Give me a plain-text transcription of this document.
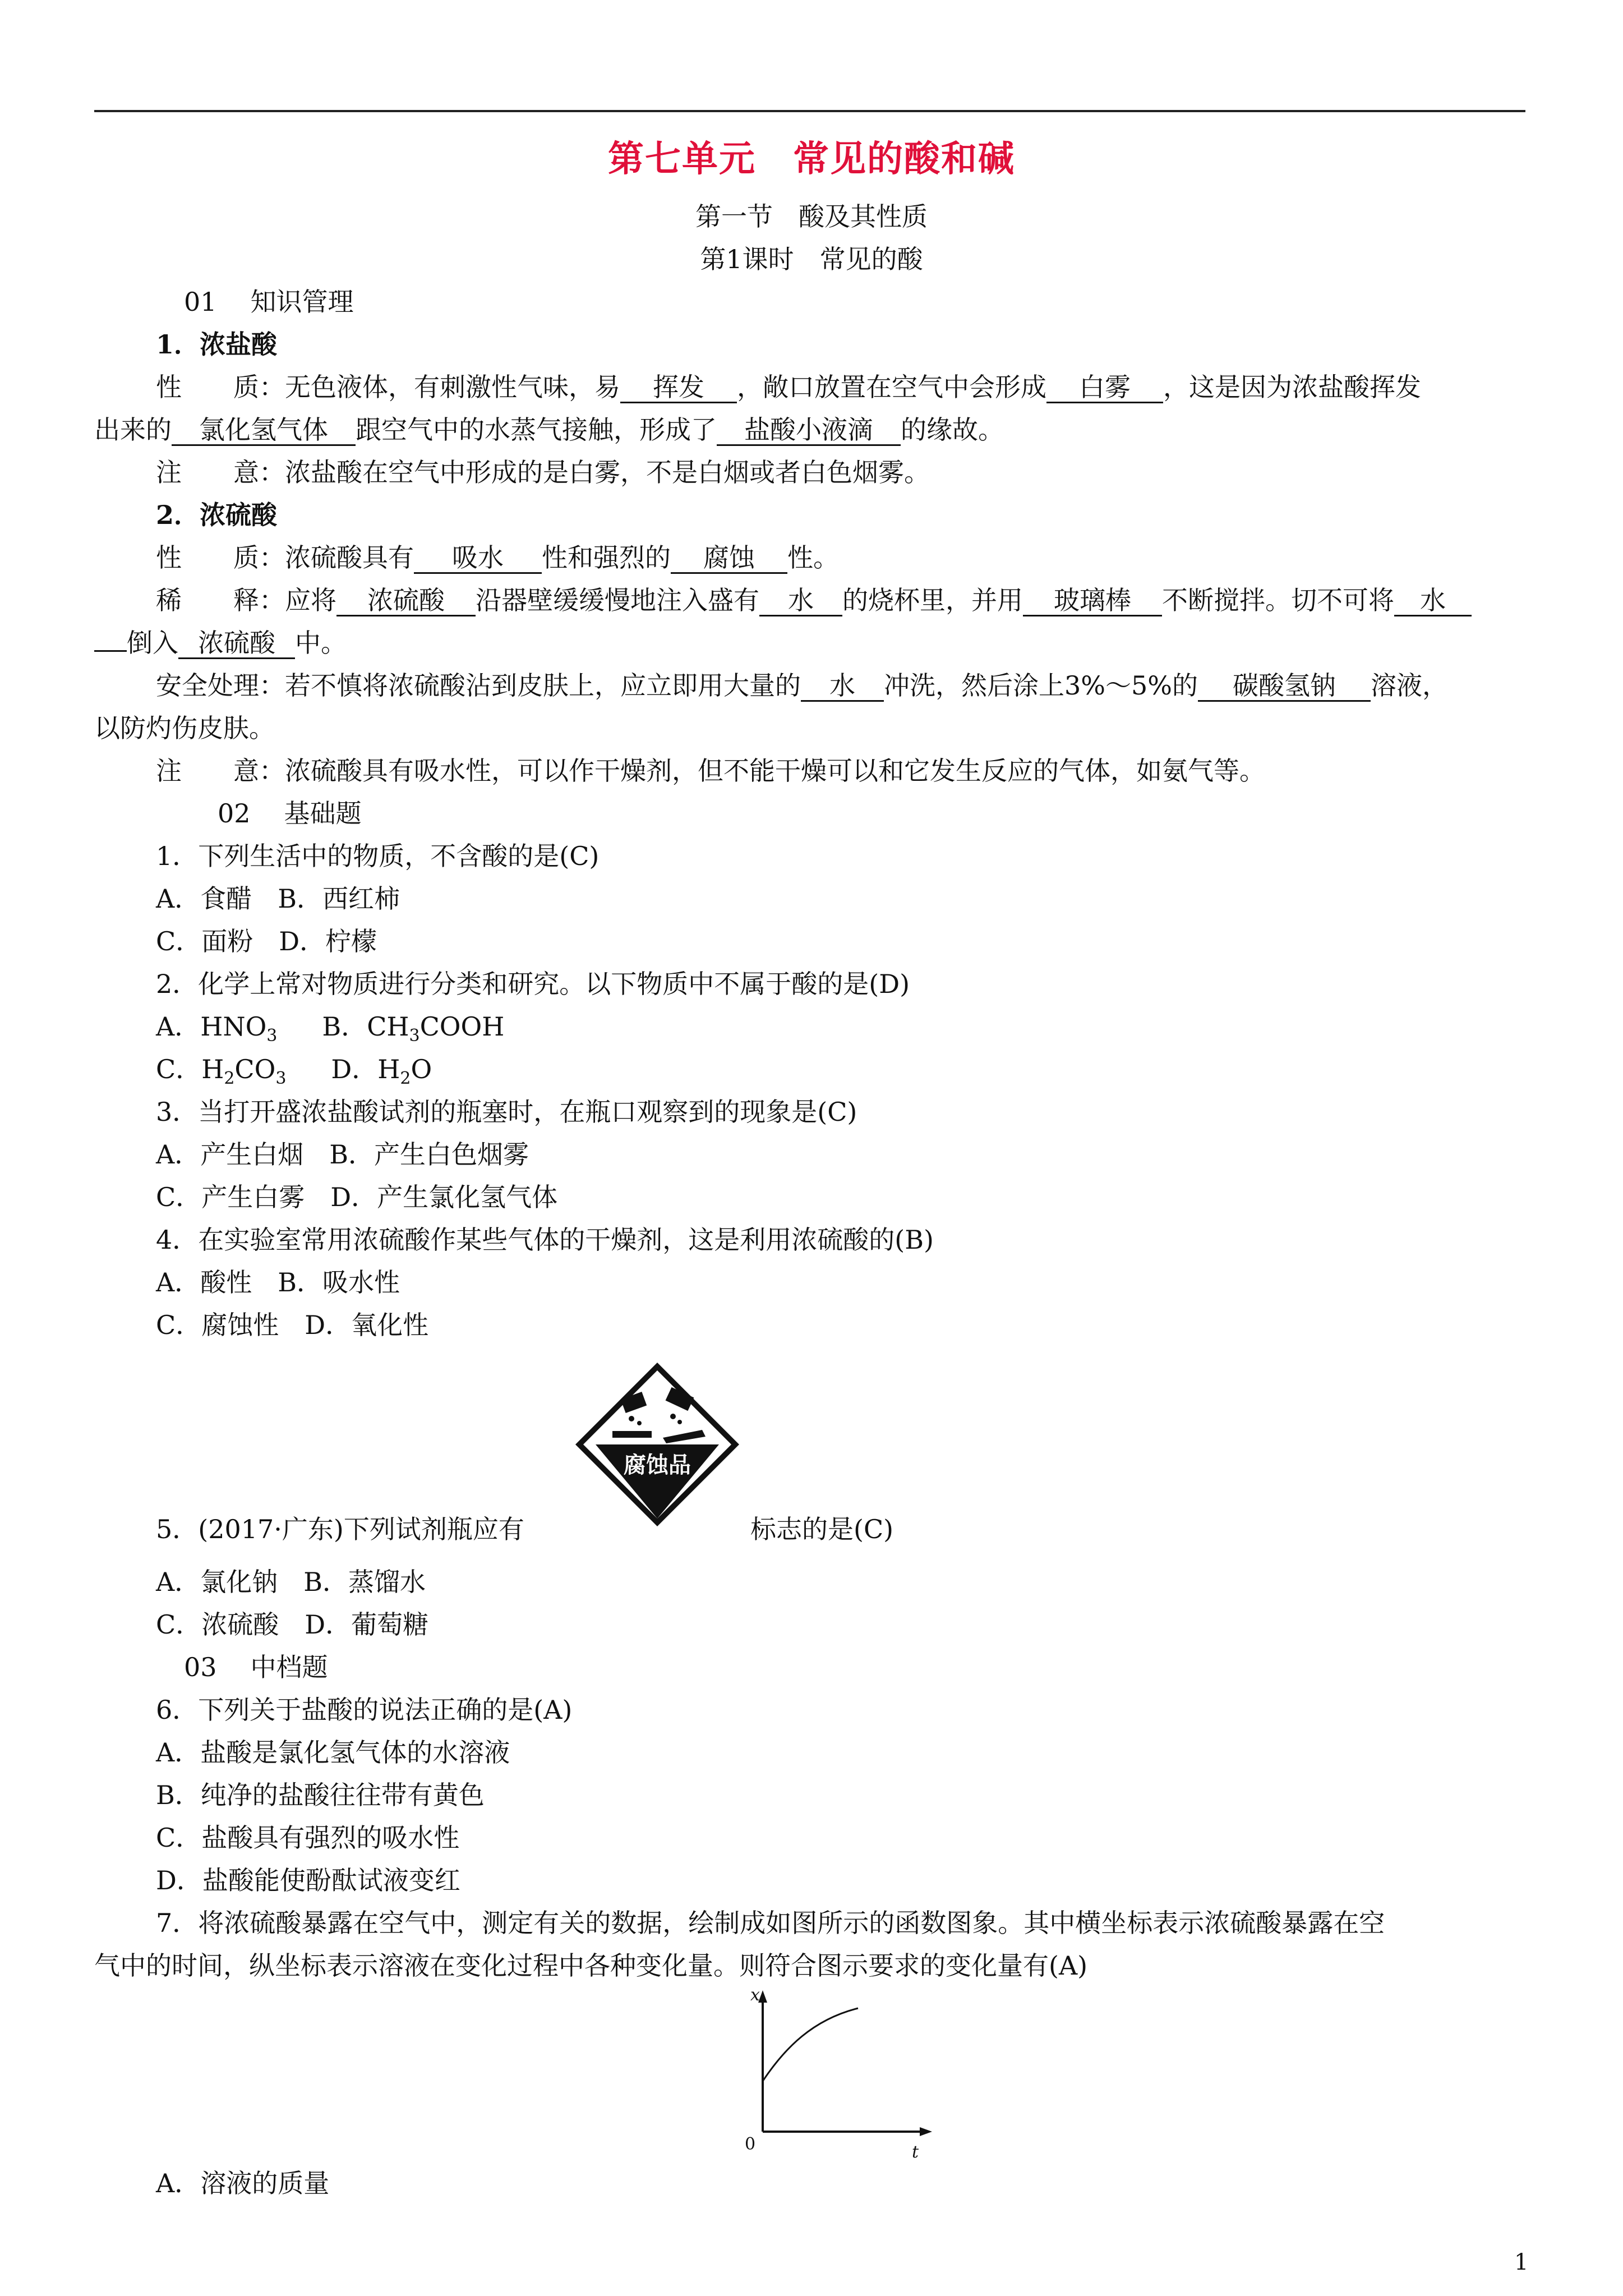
第七单元　常见的酸和碱
第一节　酸及其性质
第1课时　常见的酸
01 知识管理
1．浓盐酸
性　　质：无色液体，有刺激性气味，易 挥发 ，敞口放置在空气中会形成 白雾 ，这是因为浓盐酸挥发
出来的 氯化氢气体 跟空气中的水蒸气接触，形成了 盐酸小液滴 的缘故。
注　　意：浓盐酸在空气中形成的是白雾，不是白烟或者白色烟雾。
2．浓硫酸
性　　质：浓硫酸具有 吸水 性和强烈的 腐蚀 性。
稀　　释：应将 浓硫酸 沿器壁缓缓慢地注入盛有 水 的烧杯里，并用 玻璃棒 不断搅拌。切不可将 水
倒入 浓硫酸 中。
安全处理：若不慎将浓硫酸沾到皮肤上，应立即用大量的 水 冲洗，然后涂上3%～5%的 碳酸氢钠 溶液，
以防灼伤皮肤。
注　　意：浓硫酸具有吸水性，可以作干燥剂，但不能干燥可以和它发生反应的气体，如氨气等。
02 基础题
1．下列生活中的物质，不含酸的是(C)
A．食醋　B．西红柿
C．面粉　D．柠檬
2．化学上常对物质进行分类和研究。以下物质中不属于酸的是(D)
A．$HNO_3$ B．$CH_3COOH$
C．$H_2CO_3$ D．$H_2O$
3．当打开盛浓盐酸试剂的瓶塞时，在瓶口观察到的现象是(C)
A．产生白烟　B．产生白色烟雾
C．产生白雾　D．产生氯化氢气体
4．在实验室常用浓硫酸作某些气体的干燥剂，这是利用浓硫酸的(B)
A．酸性　B．吸水性
C．腐蚀性　D．氧化性
腐蚀品
5．(2017·广东)下列试剂瓶应有	标志的是(C)
A．氯化钠　B．蒸馏水
C．浓硫酸　D．葡萄糖
03 中档题
6．下列关于盐酸的说法正确的是(A)
A．盐酸是氯化氢气体的水溶液
B．纯净的盐酸往往带有黄色
C．盐酸具有强烈的吸水性
D．盐酸能使酚酞试液变红
7．将浓硫酸暴露在空气中，测定有关的数据，绘制成如图所示的函数图象。其中横坐标表示浓硫酸暴露在空
气中的时间，纵坐标表示溶液在变化过程中各种变化量。则符合图示要求的变化量有(A)
x
t
0
A．溶液的质量
1
